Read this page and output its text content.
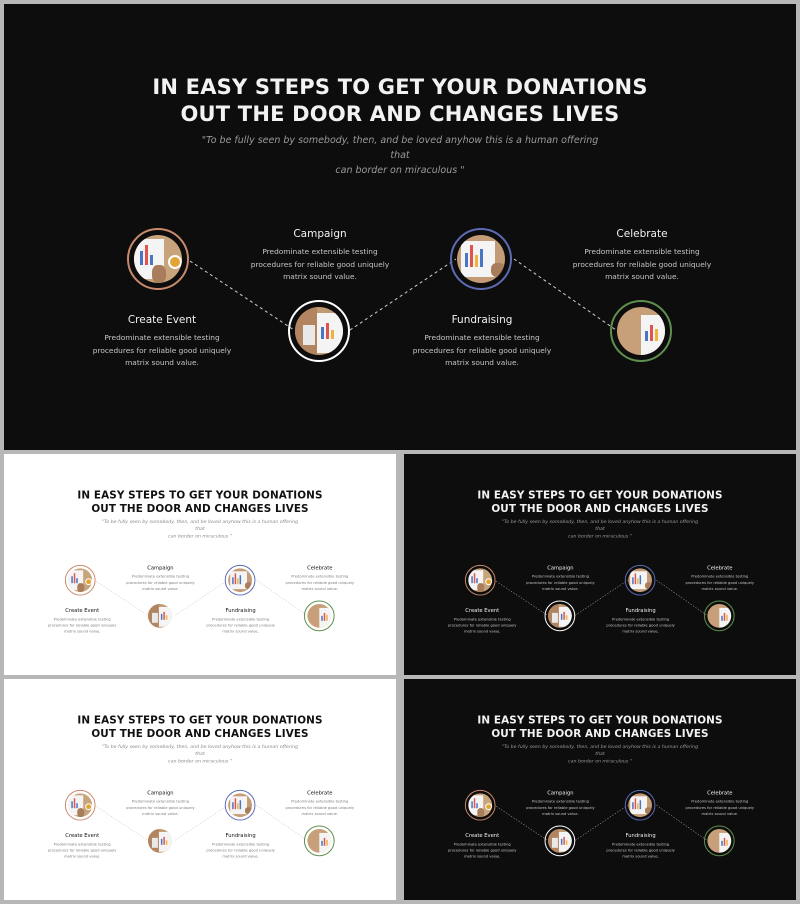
IN EASY STEPS TO GET YOUR DONATIONS
OUT THE DOOR AND CHANGES LIVES
"To be fully seen by somebody, then, and be loved anyhow this is a human offering that
can border on miraculous "
Create Event
Predominate extensible testing
procedures for reliable good uniquely
matrix sound value.
Campaign
Predominate extensible testing
procedures for reliable good uniquely
matrix sound value.
Fundraising
Predominate extensible testing
procedures for reliable good uniquely
matrix sound value.
Celebrate
Predominate extensible testing
procedures for reliable good uniquely
matrix sound value.
IN EASY STEPS TO GET YOUR DONATIONS
OUT THE DOOR AND CHANGES LIVES
"To be fully seen by somebody, then, and be loved anyhow this is a human offering that
can border on miraculous "
Create Event
Predominate extensible testing
procedures for reliable good uniquely
matrix sound value.
Campaign
Predominate extensible testing
procedures for reliable good uniquely
matrix sound value.
Fundraising
Predominate extensible testing
procedures for reliable good uniquely
matrix sound value.
Celebrate
Predominate extensible testing
procedures for reliable good uniquely
matrix sound value.
IN EASY STEPS TO GET YOUR DONATIONS
OUT THE DOOR AND CHANGES LIVES
"To be fully seen by somebody, then, and be loved anyhow this is a human offering that
can border on miraculous "
Create Event
Predominate extensible testing
procedures for reliable good uniquely
matrix sound value.
Campaign
Predominate extensible testing
procedures for reliable good uniquely
matrix sound value.
Fundraising
Predominate extensible testing
procedures for reliable good uniquely
matrix sound value.
Celebrate
Predominate extensible testing
procedures for reliable good uniquely
matrix sound value.
IN EASY STEPS TO GET YOUR DONATIONS
OUT THE DOOR AND CHANGES LIVES
"To be fully seen by somebody, then, and be loved anyhow this is a human offering that
can border on miraculous "
Create Event
Predominate extensible testing
procedures for reliable good uniquely
matrix sound value.
Campaign
Predominate extensible testing
procedures for reliable good uniquely
matrix sound value.
Fundraising
Predominate extensible testing
procedures for reliable good uniquely
matrix sound value.
Celebrate
Predominate extensible testing
procedures for reliable good uniquely
matrix sound value.
IN EASY STEPS TO GET YOUR DONATIONS
OUT THE DOOR AND CHANGES LIVES
"To be fully seen by somebody, then, and be loved anyhow this is a human offering that
can border on miraculous "
Create Event
Predominate extensible testing
procedures for reliable good uniquely
matrix sound value.
Campaign
Predominate extensible testing
procedures for reliable good uniquely
matrix sound value.
Fundraising
Predominate extensible testing
procedures for reliable good uniquely
matrix sound value.
Celebrate
Predominate extensible testing
procedures for reliable good uniquely
matrix sound value.
